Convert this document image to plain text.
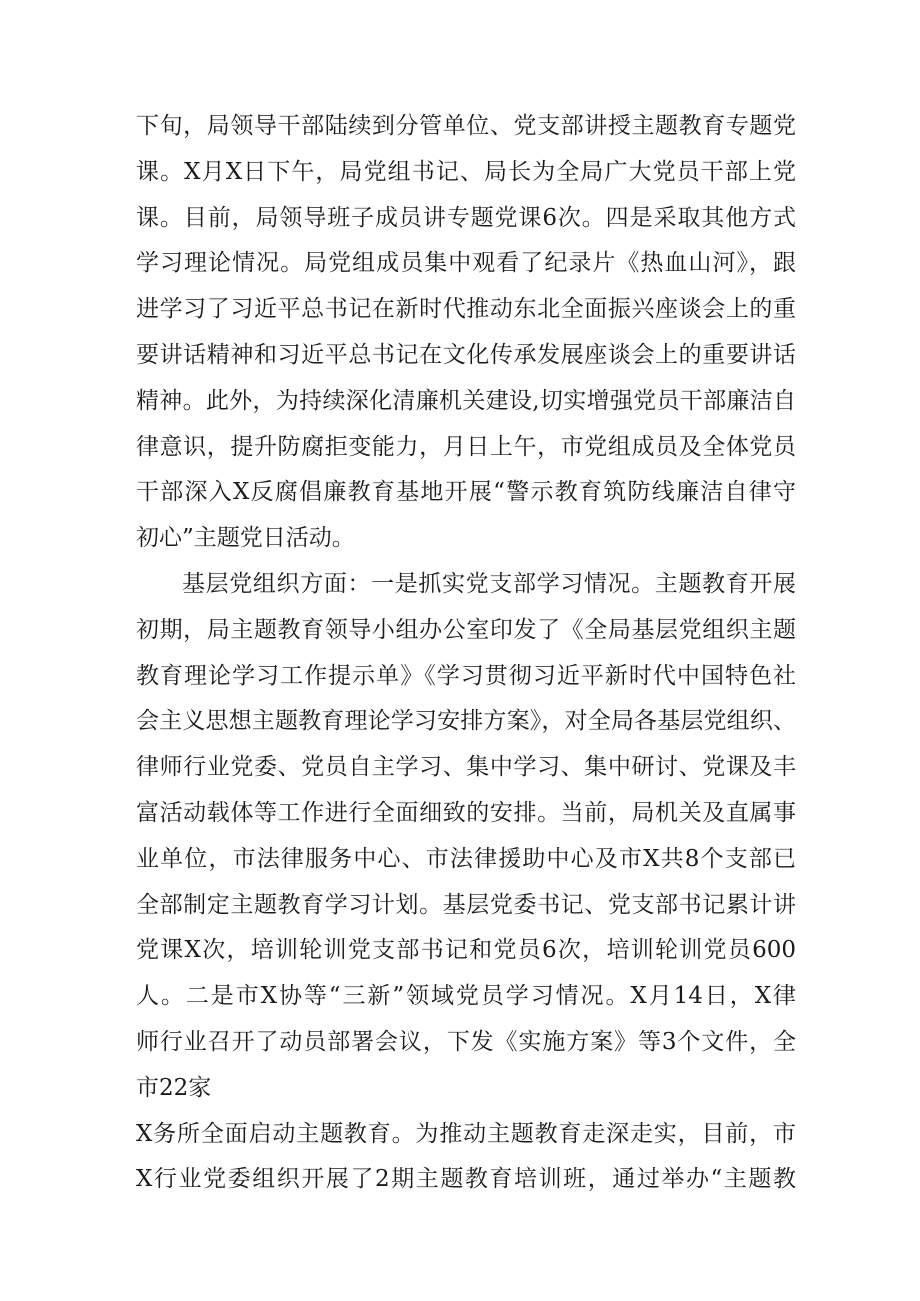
下旬，局领导干部陆续到分管单位、党支部讲授主题教育专题党
课。X月X日下午，局党组书记、局长为全局广大党员干部上党
课。目前，局领导班子成员讲专题党课6次。四是采取其他方式
学习理论情况。局党组成员集中观看了纪录片《热血山河》，跟
进学习了习近平总书记在新时代推动东北全面振兴座谈会上的重
要讲话精神和习近平总书记在文化传承发展座谈会上的重要讲话
精神。此外，为持续深化清廉机关建设,切实增强党员干部廉洁自
律意识，提升防腐拒变能力，月日上午，市党组成员及全体党员
干部深入X反腐倡廉教育基地开展“警示教育筑防线廉洁自律守
初心”主题党日活动。
基层党组织方面：一是抓实党支部学习情况。主题教育开展
初期，局主题教育领导小组办公室印发了《全局基层党组织主题
教育理论学习工作提示单》《学习贯彻习近平新时代中国特色社
会主义思想主题教育理论学习安排方案》，对全局各基层党组织、
律师行业党委、党员自主学习、集中学习、集中研讨、党课及丰
富活动载体等工作进行全面细致的安排。当前，局机关及直属事
业单位，市法律服务中心、市法律援助中心及市X共8个支部已
全部制定主题教育学习计划。基层党委书记、党支部书记累计讲
党课X次，培训轮训党支部书记和党员6次，培训轮训党员600
人。二是市X协等“三新”领域党员学习情况。X月14日，X律
师行业召开了动员部署会议，下发《实施方案》等3个文件，全
市22家
X务所全面启动主题教育。为推动主题教育走深走实，目前，市
X行业党委组织开展了2期主题教育培训班，通过举办“主题教
